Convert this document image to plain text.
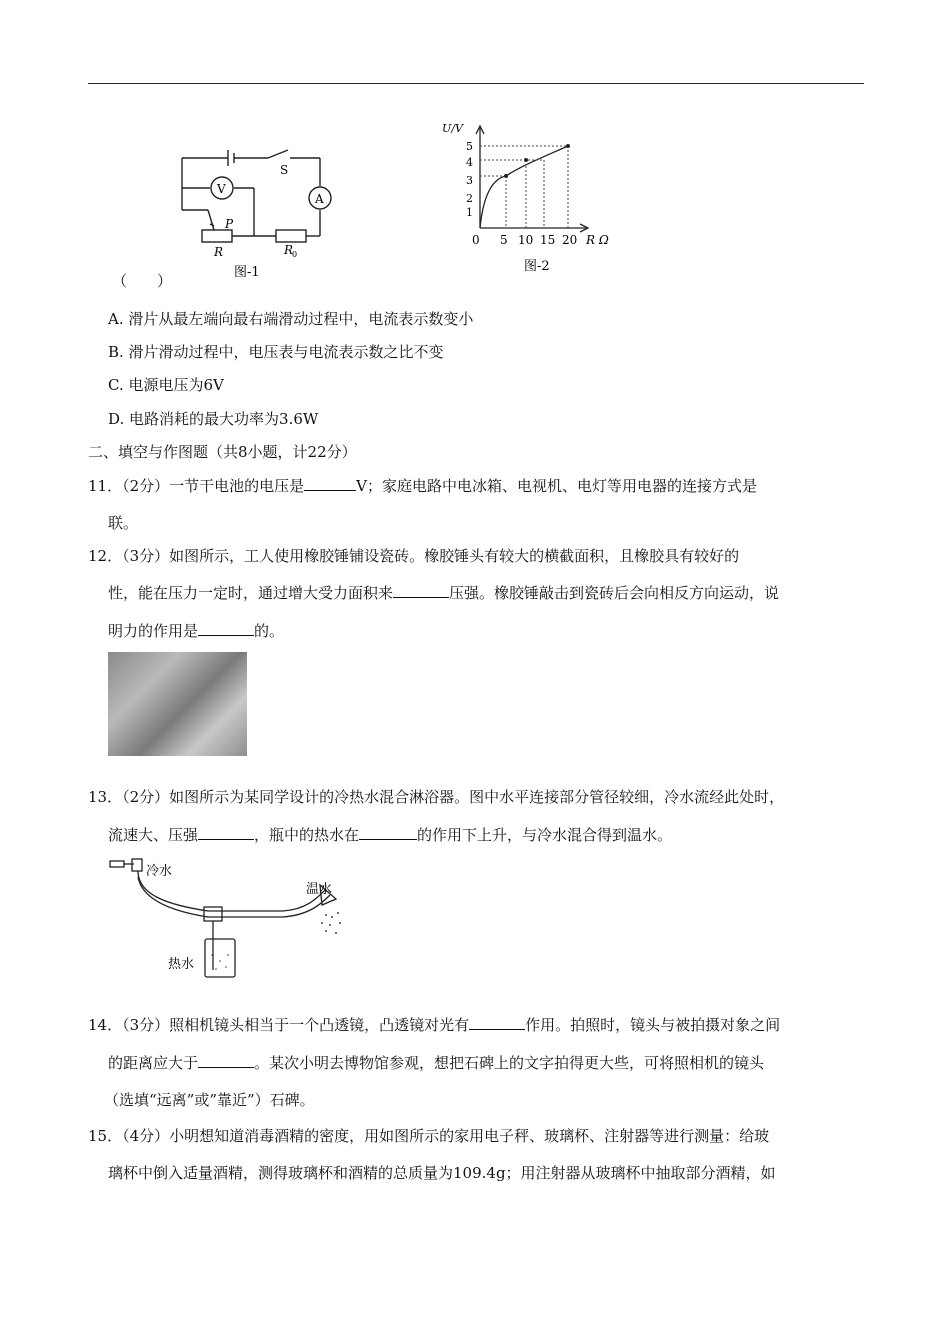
S
V
A
P
R	R
0
图-1
（　　）
U/V
1
2
3
4
5
0 5 10 15 20 R Ω
图-2
A. 滑片从最左端向最右端滑动过程中，电流表示数变小
B. 滑片滑动过程中，电压表与电流表示数之比不变
C. 电源电压为6V
D. 电路消耗的最大功率为3.6W
二、填空与作图题（共8小题，计22分）
11．（2分）一节干电池的电压是	V；家庭电路中电冰箱、电视机、电灯等用电器的连接方式是
联。
12．（3分）如图所示，工人使用橡胶锤铺设瓷砖。橡胶锤头有较大的横截面积，且橡胶具有较好的
性，能在压力一定时，通过增大受力面积来	压强。橡胶锤敲击到瓷砖后会向相反方向运动，说
明力的作用是	的。
13．（2分）如图所示为某同学设计的冷热水混合淋浴器。图中水平连接部分管径较细，冷水流经此处时，
流速大、压强	，瓶中的热水在	的作用下上升，与冷水混合得到温水。
冷水
温水
热水
14．（3分）照相机镜头相当于一个凸透镜，凸透镜对光有	作用。拍照时，镜头与被拍摄对象之间
的距离应大于	。某次小明去博物馆参观，想把石碑上的文字拍得更大些，可将照相机的镜头
（选填“远离”或”靠近”）石碑。
15．（4分）小明想知道消毒酒精的密度，用如图所示的家用电子秤、玻璃杯、注射器等进行测量：给玻
璃杯中倒入适量酒精，测得玻璃杯和酒精的总质量为109.4g；用注射器从玻璃杯中抽取部分酒精，如
